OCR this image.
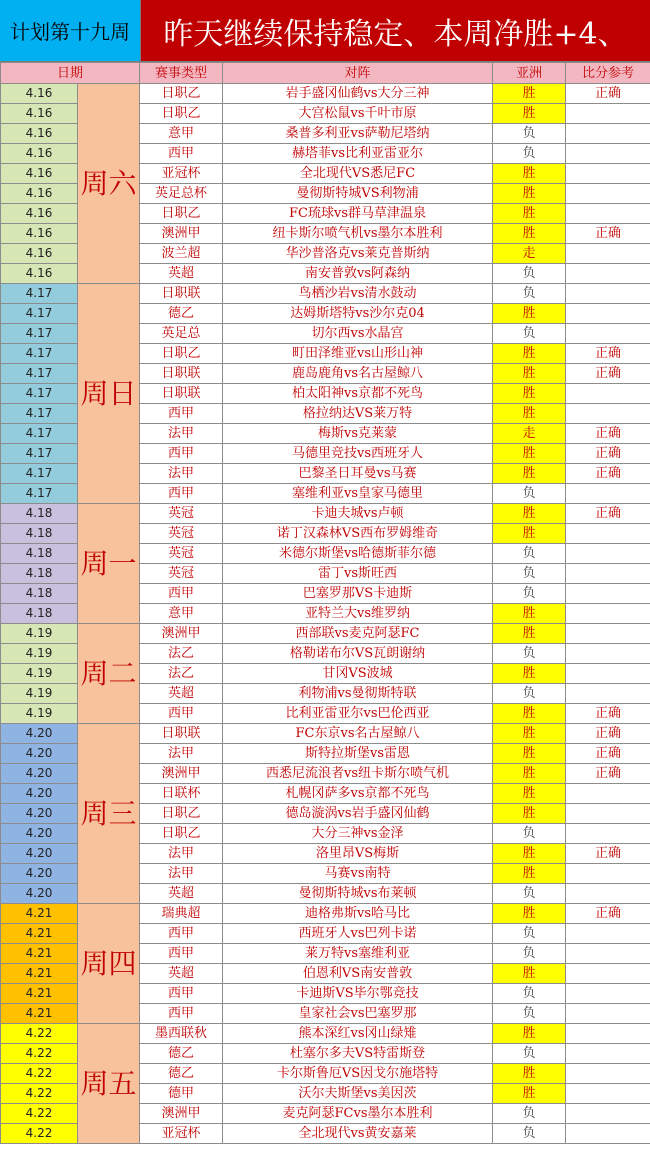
计划第十九周	昨天继续保持稳定、本周净胜+4、
日期		赛事类型	对阵	亚洲	比分参考
4.16	周六	日职乙	岩手盛冈仙鹤vs大分三神	胜	正确
4.16		日职乙	大宫松鼠vs千叶市原	胜	
4.16		意甲	桑普多利亚vs萨勒尼塔纳	负	
4.16		西甲	赫塔菲vs比利亚雷亚尔	负	
4.16		亚冠杯	全北现代VS悉尼FC	胜	
4.16		英足总杯	曼彻斯特城VS利物浦	胜	
4.16		日职乙	FC琉球vs群马草津温泉	胜	
4.16		澳洲甲	纽卡斯尔喷气机vs墨尔本胜利	胜	正确
4.16		波兰超	华沙普洛克vs莱克普斯纳	走	
4.16		英超	南安普敦vs阿森纳	负	
4.17	周日	日职联	鸟栖沙岩vs清水鼓动	负	
4.17		德乙	达姆斯塔特vs沙尔克04	胜	
4.17		英足总	切尔西vs水晶宫	负	
4.17		日职乙	町田泽维亚vs山形山神	胜	正确
4.17		日职联	鹿岛鹿角vs名古屋鲸八	胜	正确
4.17		日职联	柏太阳神vs京都不死鸟	胜	
4.17		西甲	格拉纳达VS莱万特	胜	
4.17		法甲	梅斯vs克莱蒙	走	正确
4.17		西甲	马德里竞技vs西班牙人	胜	正确
4.17		法甲	巴黎圣日耳曼vs马赛	胜	正确
4.17		西甲	塞维利亚vs皇家马德里	负	
4.18	周一	英冠	卡迪夫城vs卢顿	胜	正确
4.18		英冠	诺丁汉森林VS西布罗姆维奇	胜	
4.18		英冠	米德尔斯堡vs哈德斯菲尔德	负	
4.18		英冠	雷丁vs斯旺西	负	
4.18		西甲	巴塞罗那VS卡迪斯	负	
4.18		意甲	亚特兰大vs维罗纳	胜	
4.19	周二	澳洲甲	西部联vs麦克阿瑟FC	胜	
4.19		法乙	格勒诺布尔VS瓦朗谢纳	负	
4.19		法乙	甘冈VS波城	胜	
4.19		英超	利物浦vs曼彻斯特联	负	
4.19		西甲	比利亚雷亚尔vs巴伦西亚	胜	正确
4.20	周三	日职联	FC东京vs名古屋鲸八	胜	正确
4.20		法甲	斯特拉斯堡vs雷恩	胜	正确
4.20		澳洲甲	西悉尼流浪者vs纽卡斯尔喷气机	胜	正确
4.20		日联杯	札幌冈萨多vs京都不死鸟	胜	
4.20		日职乙	德岛漩涡vs岩手盛冈仙鹤	胜	
4.20		日职乙	大分三神vs金泽	负	
4.20		法甲	洛里昂VS梅斯	胜	正确
4.20		法甲	马赛vs南特	胜	
4.20		英超	曼彻斯特城vs布莱顿	负	
4.21	周四	瑞典超	迪格弗斯vs哈马比	胜	正确
4.21		西甲	西班牙人vs巴列卡诺	负	
4.21		西甲	莱万特vs塞维利亚	负	
4.21		英超	伯恩利VS南安普敦	胜	
4.21		西甲	卡迪斯VS毕尔鄂竞技	负	
4.21		西甲	皇家社会vs巴塞罗那	负	
4.22	周五	墨西联秋	熊本深红vs冈山绿雉	胜	
4.22		德乙	杜塞尔多夫VS特雷斯登	负	
4.22		德乙	卡尔斯鲁厄VS因戈尔施塔特	胜	
4.22		德甲	沃尔夫斯堡vs美因茨	胜	
4.22		澳洲甲	麦克阿瑟FCvs墨尔本胜利	负	
4.22		亚冠杯	全北现代vs黄安嘉莱	负	
